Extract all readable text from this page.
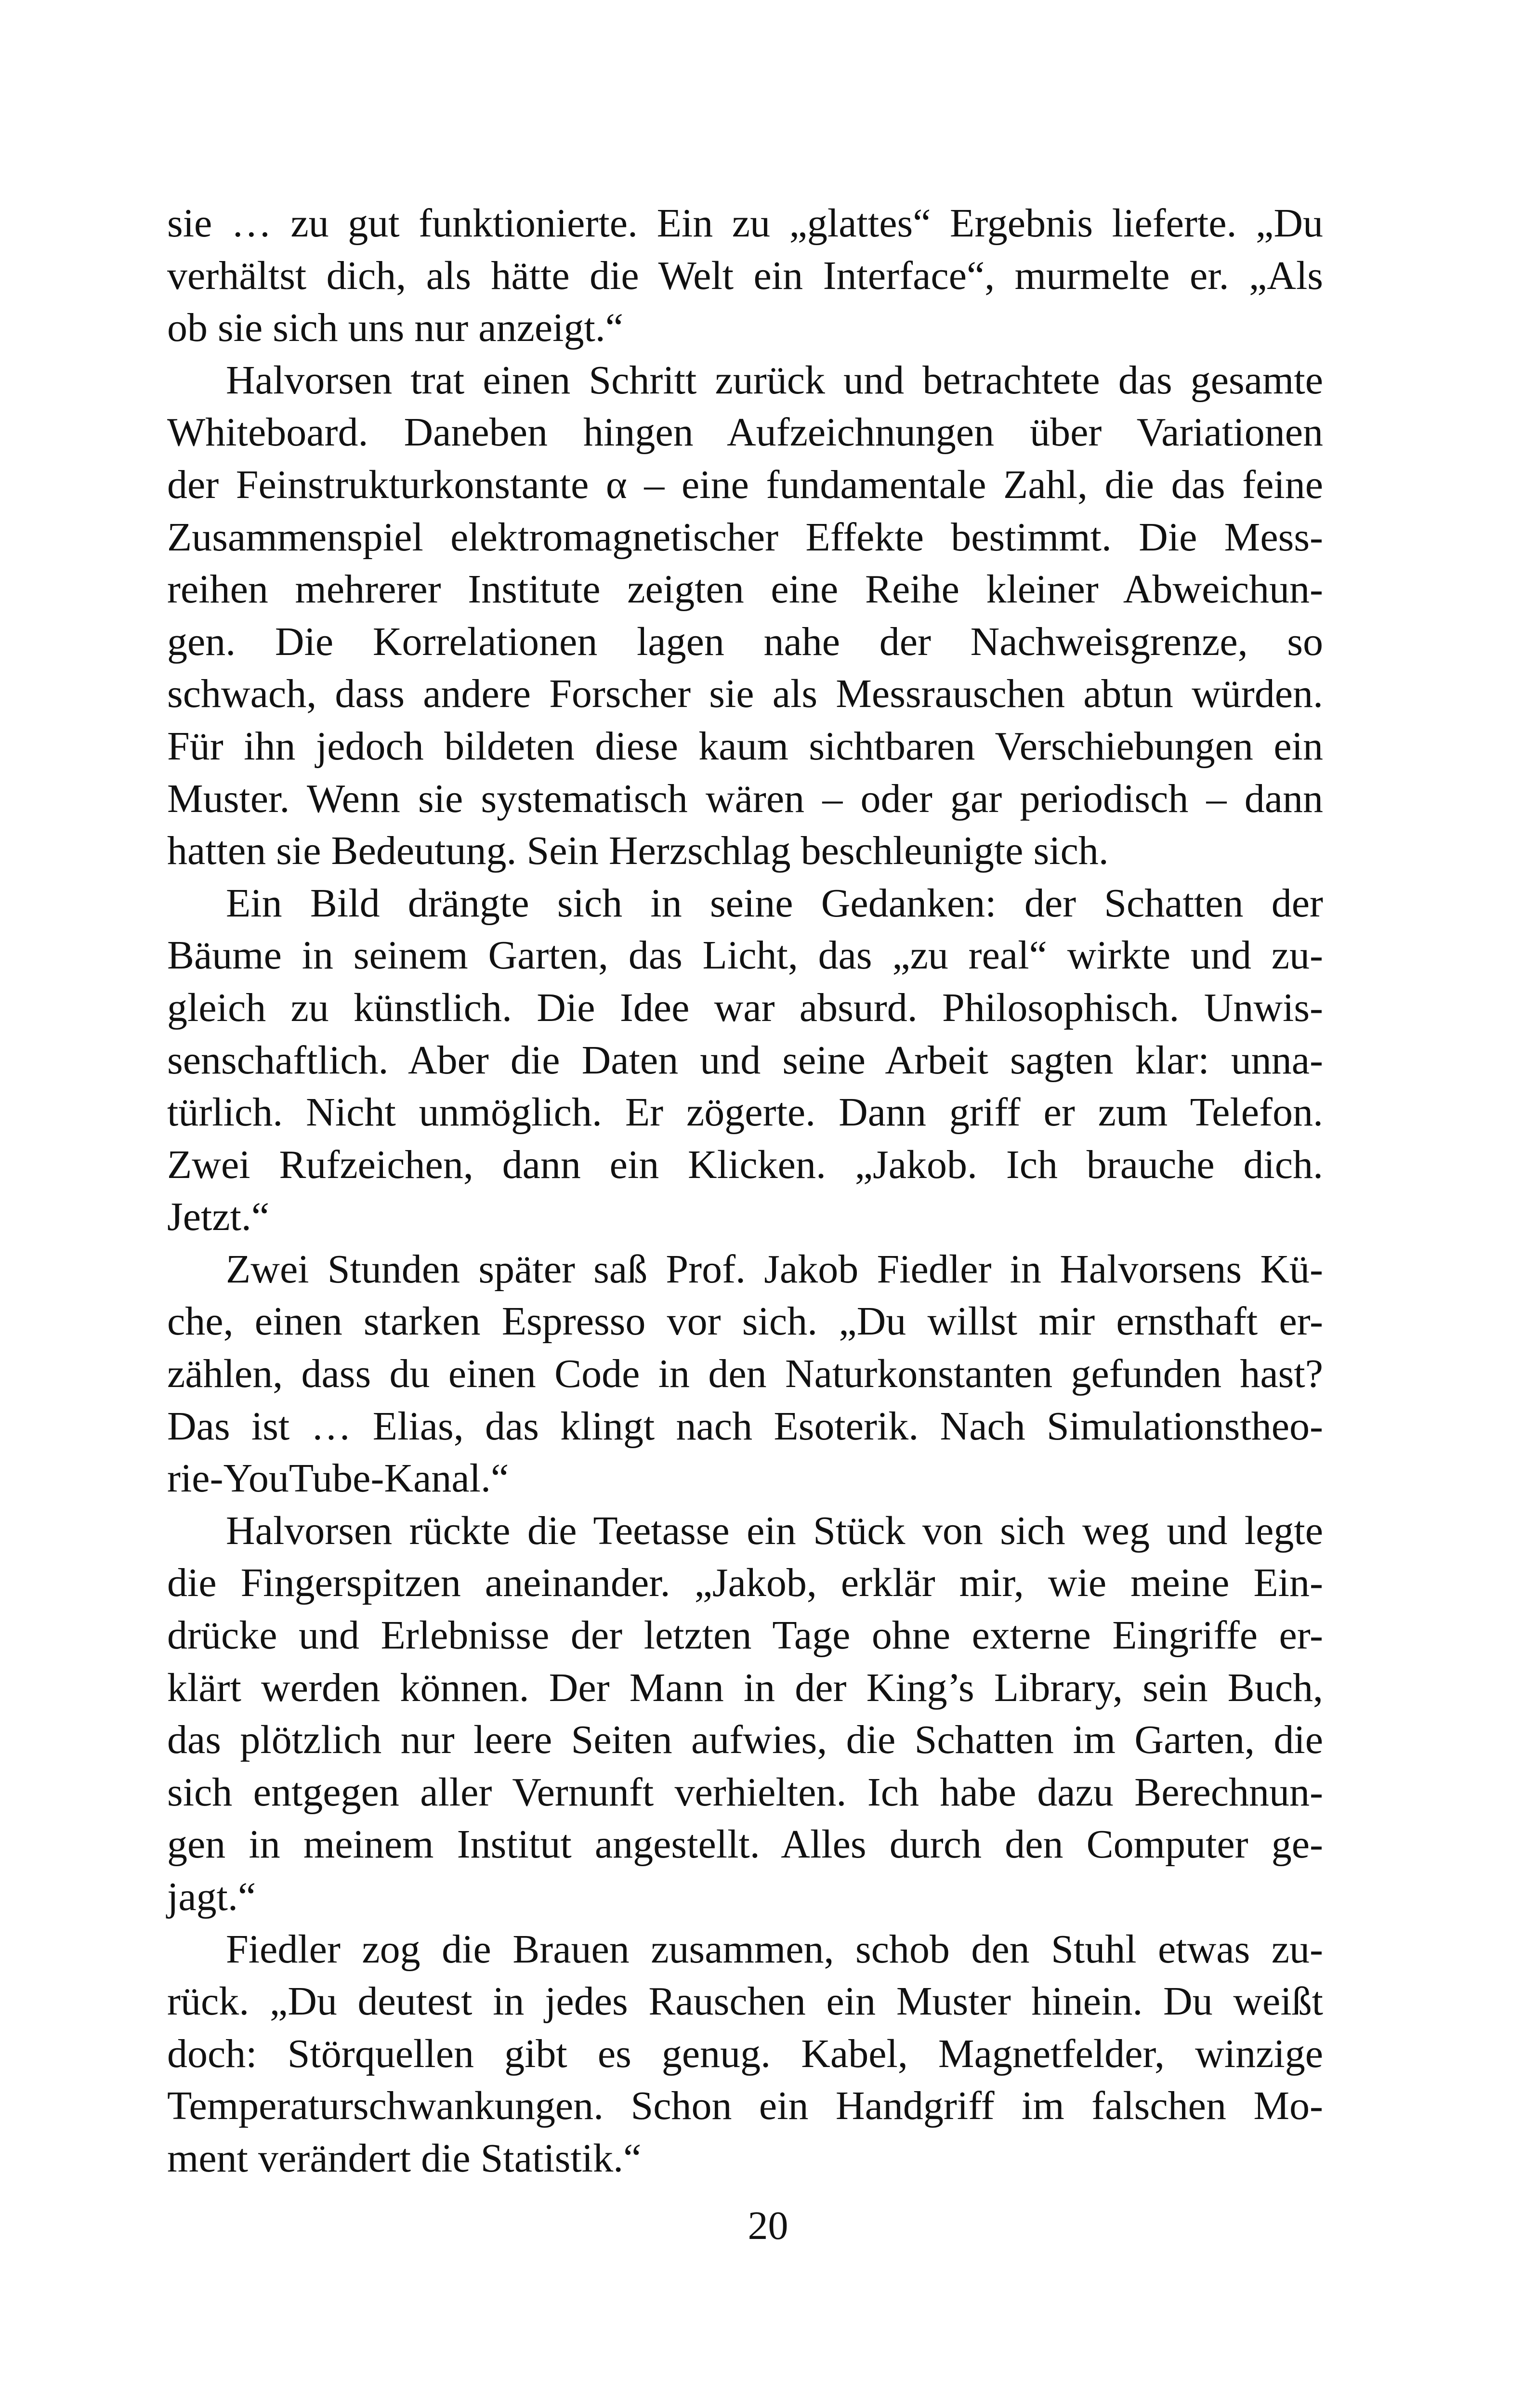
sie … zu gut funktionierte. Ein zu „glattes“ Ergebnis lieferte. „Du
verhältst dich, als hätte die Welt ein Interface“, murmelte er. „Als
ob sie sich uns nur anzeigt.“

Halvorsen trat einen Schritt zurück und betrachtete das gesamte
Whiteboard. Daneben hingen Aufzeichnungen über Variationen
der Feinstrukturkonstante α – eine fundamentale Zahl, die das feine
Zusammenspiel elektromagnetischer Effekte bestimmt. Die Mess-
reihen mehrerer Institute zeigten eine Reihe kleiner Abweichun-
gen. Die Korrelationen lagen nahe der Nachweisgrenze, so
schwach, dass andere Forscher sie als Messrauschen abtun würden.
Für ihn jedoch bildeten diese kaum sichtbaren Verschiebungen ein
Muster. Wenn sie systematisch wären – oder gar periodisch – dann
hatten sie Bedeutung. Sein Herzschlag beschleunigte sich.

Ein Bild drängte sich in seine Gedanken: der Schatten der
Bäume in seinem Garten, das Licht, das „zu real“ wirkte und zu-
gleich zu künstlich. Die Idee war absurd. Philosophisch. Unwis-
senschaftlich. Aber die Daten und seine Arbeit sagten klar: unna-
türlich. Nicht unmöglich. Er zögerte. Dann griff er zum Telefon.
Zwei Rufzeichen, dann ein Klicken. „Jakob. Ich brauche dich.
Jetzt.“

Zwei Stunden später saß Prof. Jakob Fiedler in Halvorsens Kü-
che, einen starken Espresso vor sich. „Du willst mir ernsthaft er-
zählen, dass du einen Code in den Naturkonstanten gefunden hast?
Das ist … Elias, das klingt nach Esoterik. Nach Simulationstheo-
rie-YouTube-Kanal.“

Halvorsen rückte die Teetasse ein Stück von sich weg und legte
die Fingerspitzen aneinander. „Jakob, erklär mir, wie meine Ein-
drücke und Erlebnisse der letzten Tage ohne externe Eingriffe er-
klärt werden können. Der Mann in der King’s Library, sein Buch,
das plötzlich nur leere Seiten aufwies, die Schatten im Garten, die
sich entgegen aller Vernunft verhielten. Ich habe dazu Berechnun-
gen in meinem Institut angestellt. Alles durch den Computer ge-
jagt.“

Fiedler zog die Brauen zusammen, schob den Stuhl etwas zu-
rück. „Du deutest in jedes Rauschen ein Muster hinein. Du weißt
doch: Störquellen gibt es genug. Kabel, Magnetfelder, winzige
Temperaturschwankungen. Schon ein Handgriff im falschen Mo-
ment verändert die Statistik.“

20
